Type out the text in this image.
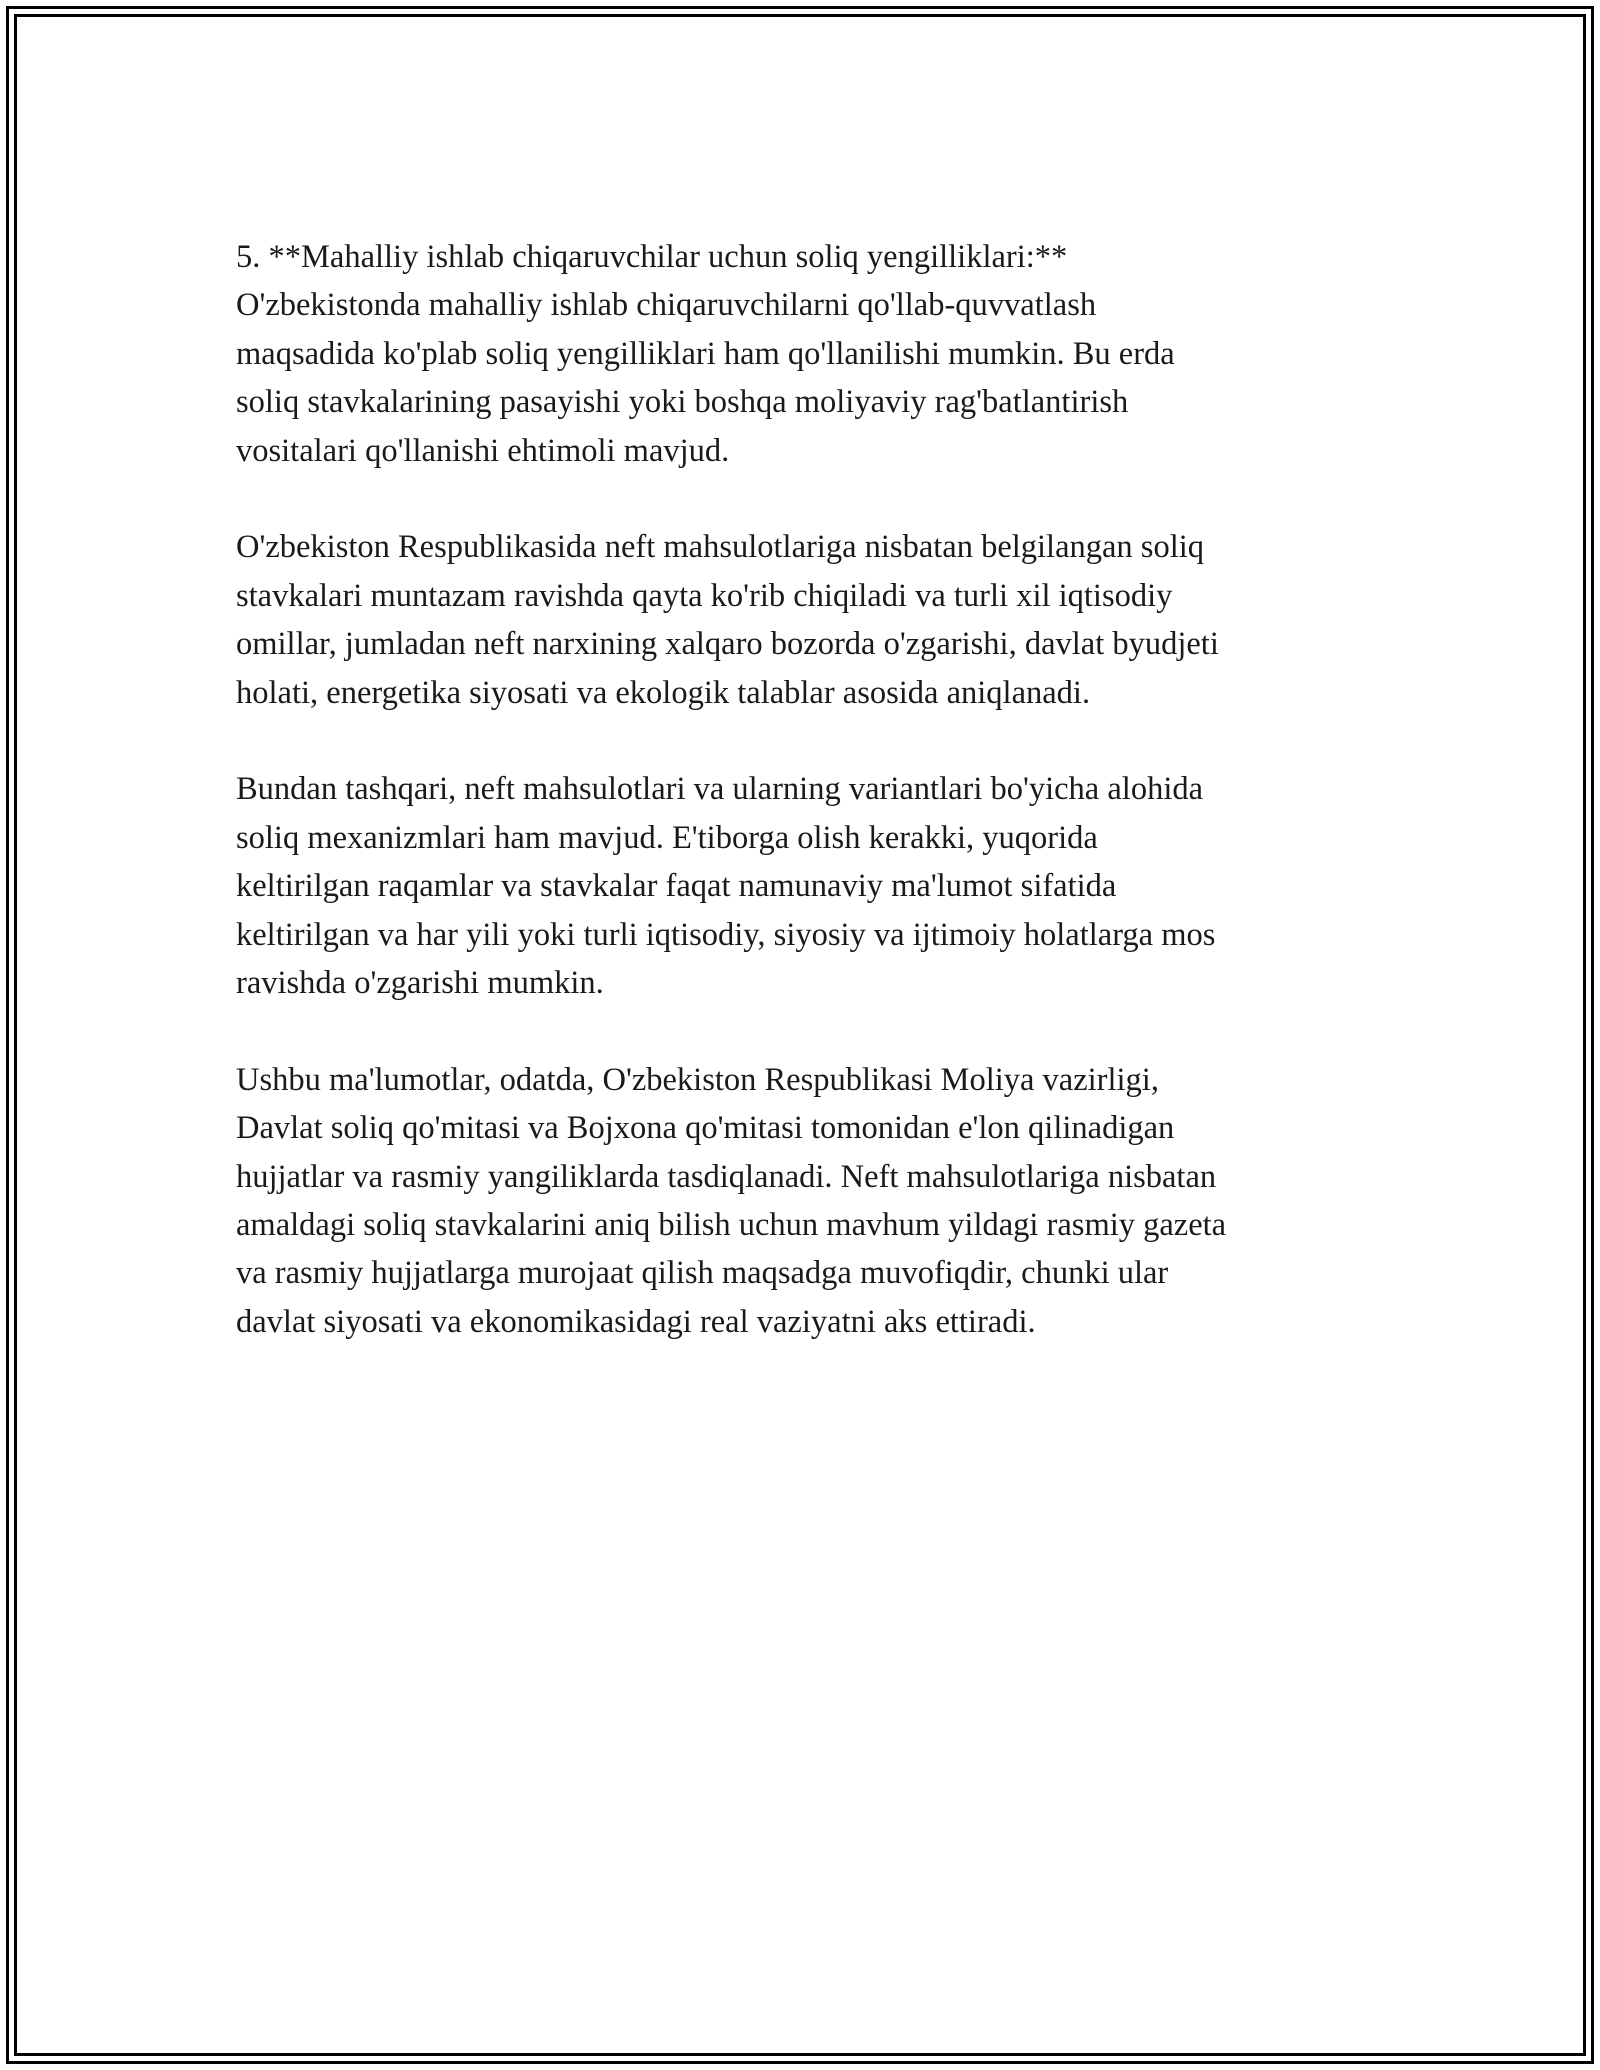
5. **Mahalliy ishlab chiqaruvchilar uchun soliq yengilliklari:**
O'zbekistonda mahalliy ishlab chiqaruvchilarni qo'llab-quvvatlash
maqsadida ko'plab soliq yengilliklari ham qo'llanilishi mumkin. Bu erda
soliq stavkalarining pasayishi yoki boshqa moliyaviy rag'batlantirish
vositalari qo'llanishi ehtimoli mavjud.

O'zbekiston Respublikasida neft mahsulotlariga nisbatan belgilangan soliq
stavkalari muntazam ravishda qayta ko'rib chiqiladi va turli xil iqtisodiy
omillar, jumladan neft narxining xalqaro bozorda o'zgarishi, davlat byudjeti
holati, energetika siyosati va ekologik talablar asosida aniqlanadi.

Bundan tashqari, neft mahsulotlari va ularning variantlari bo'yicha alohida
soliq mexanizmlari ham mavjud. E'tiborga olish kerakki, yuqorida
keltirilgan raqamlar va stavkalar faqat namunaviy ma'lumot sifatida
keltirilgan va har yili yoki turli iqtisodiy, siyosiy va ijtimoiy holatlarga mos
ravishda o'zgarishi mumkin.

Ushbu ma'lumotlar, odatda, O'zbekiston Respublikasi Moliya vazirligi,
Davlat soliq qo'mitasi va Bojxona qo'mitasi tomonidan e'lon qilinadigan
hujjatlar va rasmiy yangiliklarda tasdiqlanadi. Neft mahsulotlariga nisbatan
amaldagi soliq stavkalarini aniq bilish uchun mavhum yildagi rasmiy gazeta
va rasmiy hujjatlarga murojaat qilish maqsadga muvofiqdir, chunki ular
davlat siyosati va ekonomikasidagi real vaziyatni aks ettiradi.
